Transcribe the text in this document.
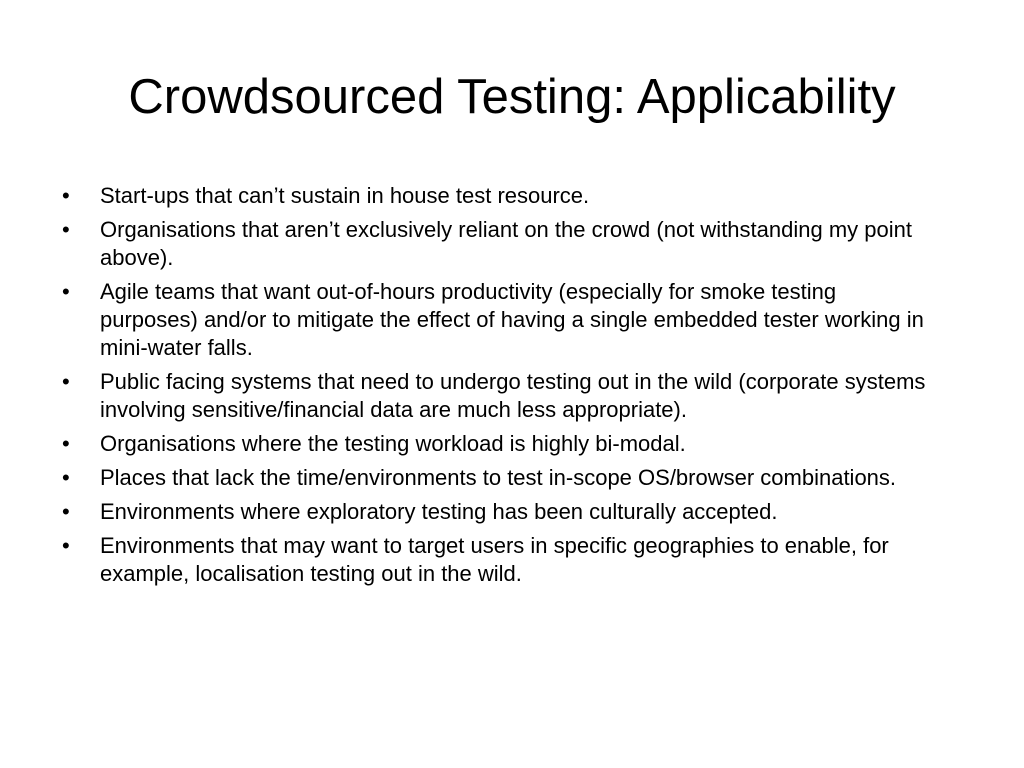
Crowdsourced Testing: Applicability
•	Start-ups that can’t sustain in house test resource.
•	Organisations that aren’t exclusively reliant on the crowd (not withstanding my point above).
•	Agile teams that want out-of-hours productivity (especially for smoke testing purposes) and/or to mitigate the effect of having a single embedded tester working in mini-water falls.
•	Public facing systems that need to undergo testing out in the wild (corporate systems involving sensitive/financial data are much less appropriate).
•	Organisations where the testing workload is highly bi-modal.
•	Places that lack the time/environments to test in-scope OS/browser combinations.
•	Environments where exploratory testing has been culturally accepted.
•	Environments that may want to target users in specific geographies to enable, for example, localisation testing out in the wild.
